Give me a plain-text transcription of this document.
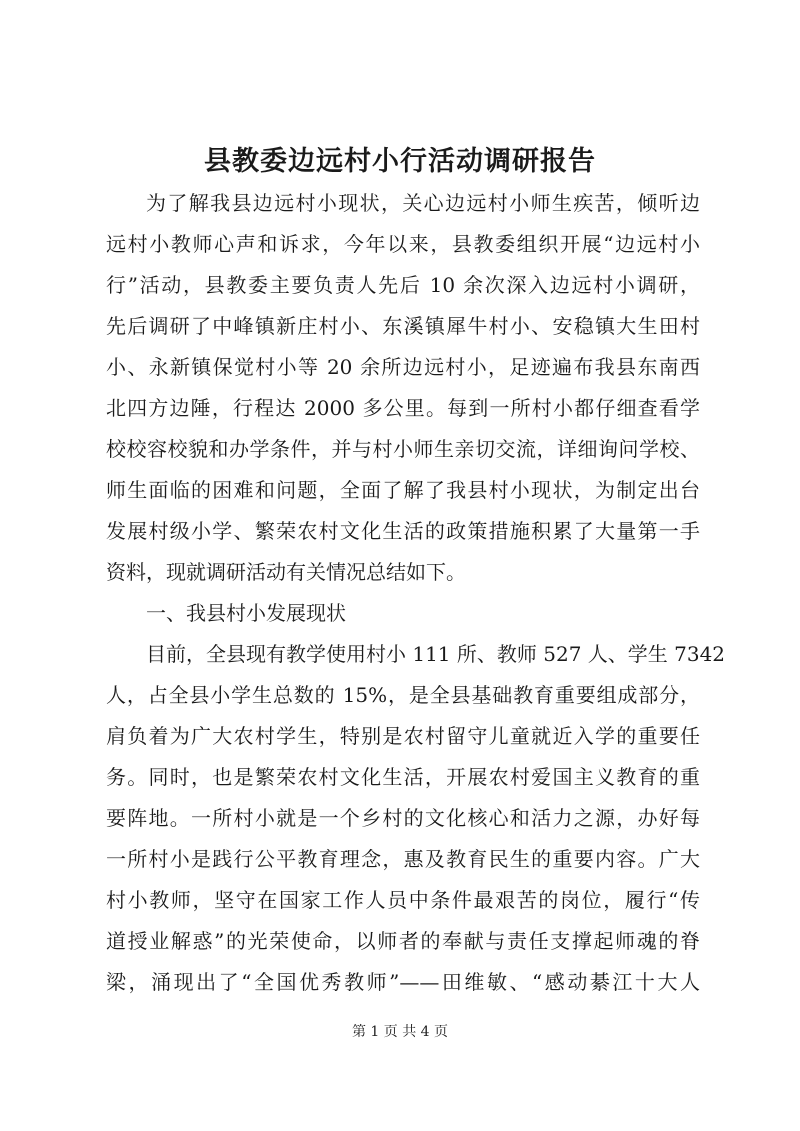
县教委边远村小行活动调研报告
为了解我县边远村小现状，关心边远村小师生疾苦，倾听边
远村小教师心声和诉求，今年以来，县教委组织开展“边远村小
行”活动，县教委主要负责人先后 10 余次深入边远村小调研，
先后调研了中峰镇新庄村小、东溪镇犀牛村小、安稳镇大生田村
小、永新镇保觉村小等 20 余所边远村小，足迹遍布我县东南西
北四方边陲，行程达 2000 多公里。每到一所村小都仔细查看学
校校容校貌和办学条件，并与村小师生亲切交流，详细询问学校、
师生面临的困难和问题，全面了解了我县村小现状，为制定出台
发展村级小学、繁荣农村文化生活的政策措施积累了大量第一手
资料，现就调研活动有关情况总结如下。
一、我县村小发展现状
目前，全县现有教学使用村小 111 所、教师 527 人、学生 7342
人，占全县小学生总数的 15%，是全县基础教育重要组成部分，
肩负着为广大农村学生，特别是农村留守儿童就近入学的重要任
务。同时，也是繁荣农村文化生活，开展农村爱国主义教育的重
要阵地。一所村小就是一个乡村的文化核心和活力之源，办好每
一所村小是践行公平教育理念，惠及教育民生的重要内容。广大
村小教师，坚守在国家工作人员中条件最艰苦的岗位，履行“传
道授业解惑”的光荣使命，以师者的奉献与责任支撑起师魂的脊
梁，涌现出了“全国优秀教师”——田维敏、“感动綦江十大人
第 1 页 共 4 页
